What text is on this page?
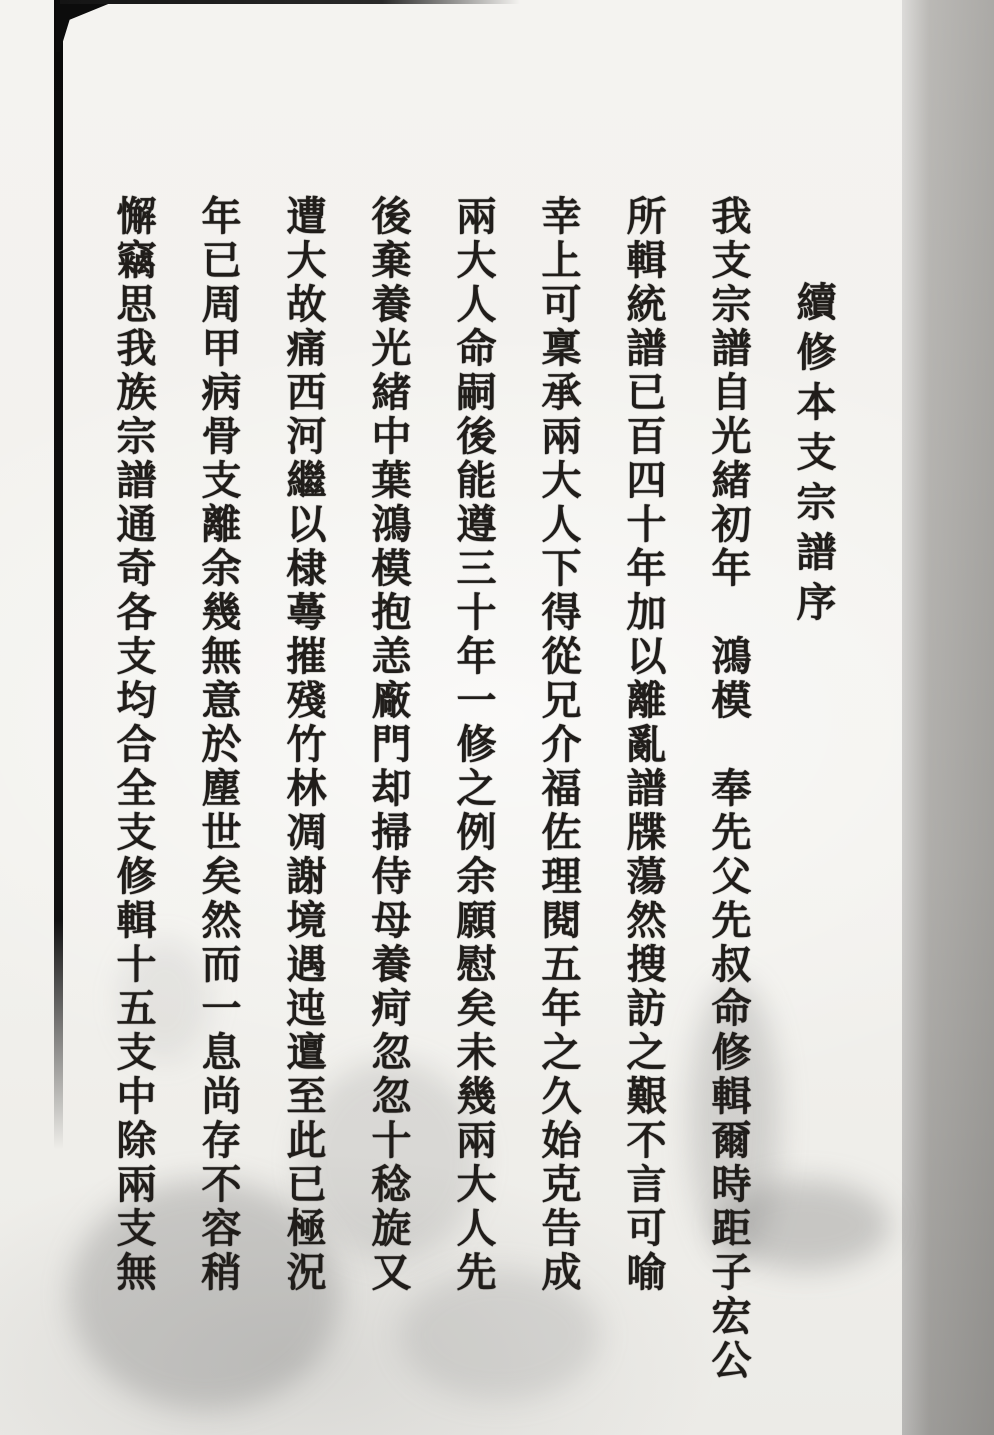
續修本支宗譜序
我支宗譜自光緒初年　鴻模　奉先父先叔命修輯爾時距子宏公
所輯統譜已百四十年加以離亂譜牒蕩然搜訪之艱不言可喻
幸上可稟承兩大人下得從兄介福佐理閱五年之久始克告成
兩大人命嗣後能遵三十年一修之例余願慰矣未幾兩大人先
後棄養光緒中葉鴻模抱恙廠門却掃侍母養疴忽忽十稔旋又
遭大故痛西河繼以棣蕚摧殘竹林凋謝境遇迍邅至此已極況
年已周甲病骨支離余幾無意於塵世矣然而一息尚存不容稍
懈竊思我族宗譜通奇各支均合全支修輯十五支中除兩支無
